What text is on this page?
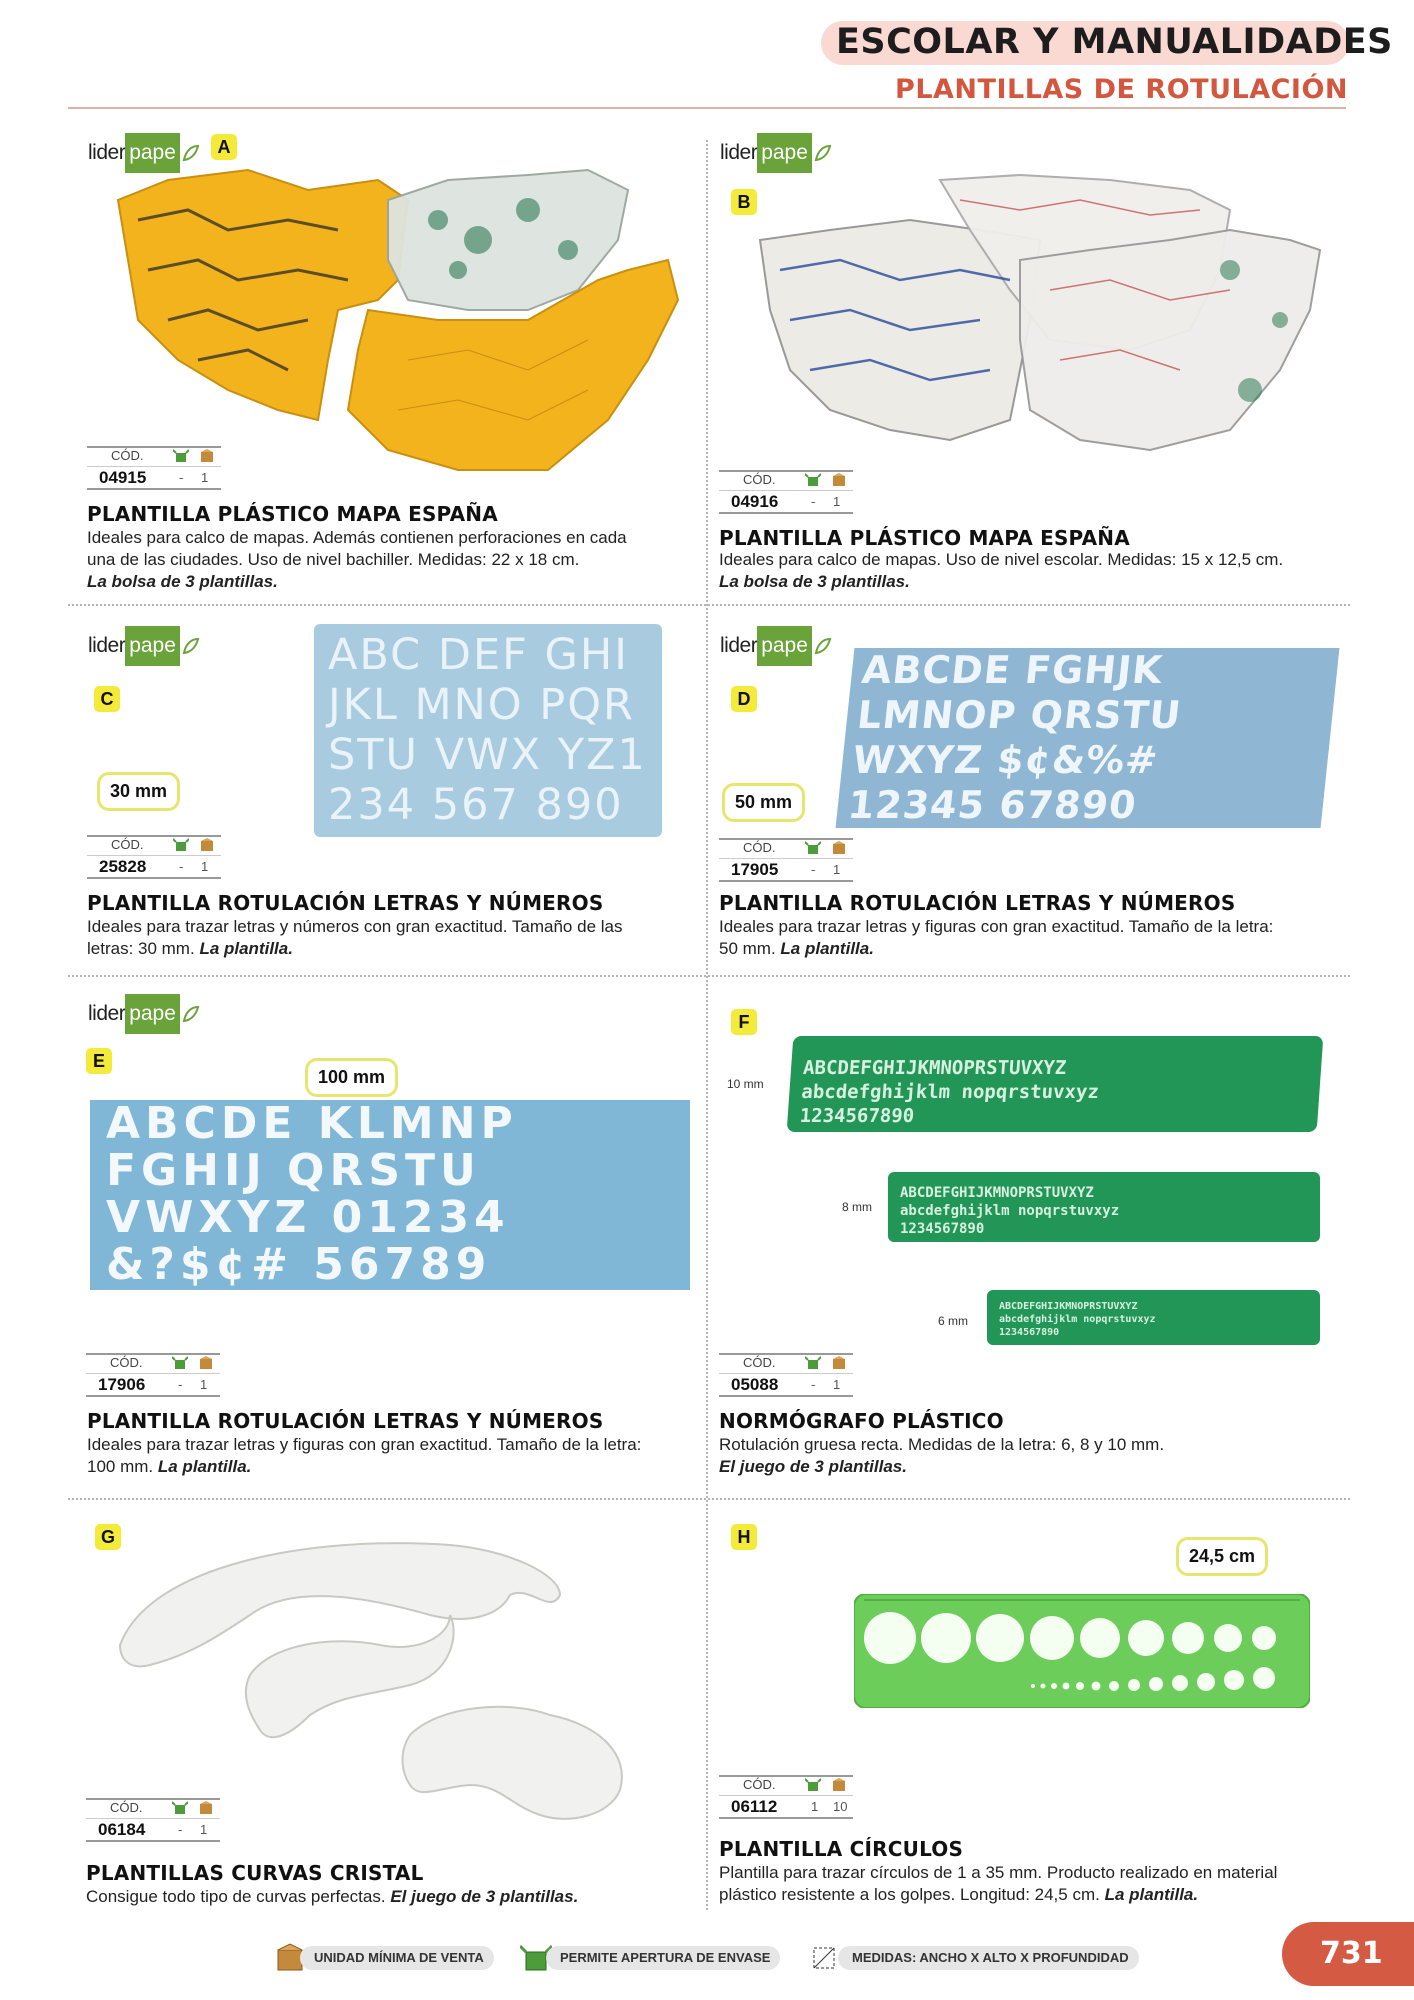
ESCOLAR Y MANUALIDADES
PLANTILLAS DE ROTULACIÓN
lider pape	A
CÓD.
04915	- 1
PLANTILLA PLÁSTICO MAPA ESPAÑA
Ideales para calco de mapas. Además contienen perforaciones en cada una de las ciudades. Uso de nivel bachiller. Medidas: 22 x 18 cm.
La bolsa de 3 plantillas.
lider pape
B
CÓD.
04916	- 1
PLANTILLA PLÁSTICO MAPA ESPAÑA
Ideales para calco de mapas. Uso de nivel escolar. Medidas: 15 x 12,5 cm.
La bolsa de 3 plantillas.
lider pape
C
30 mm
ABC DEF GHI
JKL MNO PQR
STU VWX YZ1
234 567 890
CÓD.
25828	- 1
PLANTILLA ROTULACIÓN LETRAS Y NÚMEROS
Ideales para trazar letras y números con gran exactitud. Tamaño de las letras: 30 mm. La plantilla.
lider pape
D
50 mm
ABCDE FGHJK
LMNOP QRSTU
WXYZ $¢&%#
12345 67890
CÓD.
17905	- 1
PLANTILLA ROTULACIÓN LETRAS Y NÚMEROS
Ideales para trazar letras y figuras con gran exactitud. Tamaño de la letra: 50 mm. La plantilla.
lider pape
E
100 mm
ABCDE KLMNP
FGHIJ QRSTU
VWXYZ 01234
&?$¢# 56789
CÓD.
17906	- 1
PLANTILLA ROTULACIÓN LETRAS Y NÚMEROS
Ideales para trazar letras y figuras con gran exactitud. Tamaño de la letra: 100 mm. La plantilla.
F
10 mm
8 mm
6 mm
ABCDEFGHIJKMNOPRSTUVXYZ
abcdefghijklm nopqrstuvxyz
1234567890
ABCDEFGHIJKMNOPRSTUVXYZ
abcdefghijklm nopqrstuvxyz
1234567890
ABCDEFGHIJKMNOPRSTUVXYZ
abcdefghijklm nopqrstuvxyz
1234567890
CÓD.
05088	- 1
NORMÓGRAFO PLÁSTICO
Rotulación gruesa recta. Medidas de la letra: 6, 8 y 10 mm.
El juego de 3 plantillas.
G
CÓD.
06184	- 1
PLANTILLAS CURVAS CRISTAL
Consigue todo tipo de curvas perfectas. El juego de 3 plantillas.
H
24,5 cm
CÓD.
06112	1 10
PLANTILLA CÍRCULOS
Plantilla para trazar círculos de 1 a 35 mm. Producto realizado en material plástico resistente a los golpes. Longitud: 24,5 cm. La plantilla.
UNIDAD MÍNIMA DE VENTA	PERMITE APERTURA DE ENVASE	MEDIDAS: ANCHO X ALTO X PROFUNDIDAD	731
